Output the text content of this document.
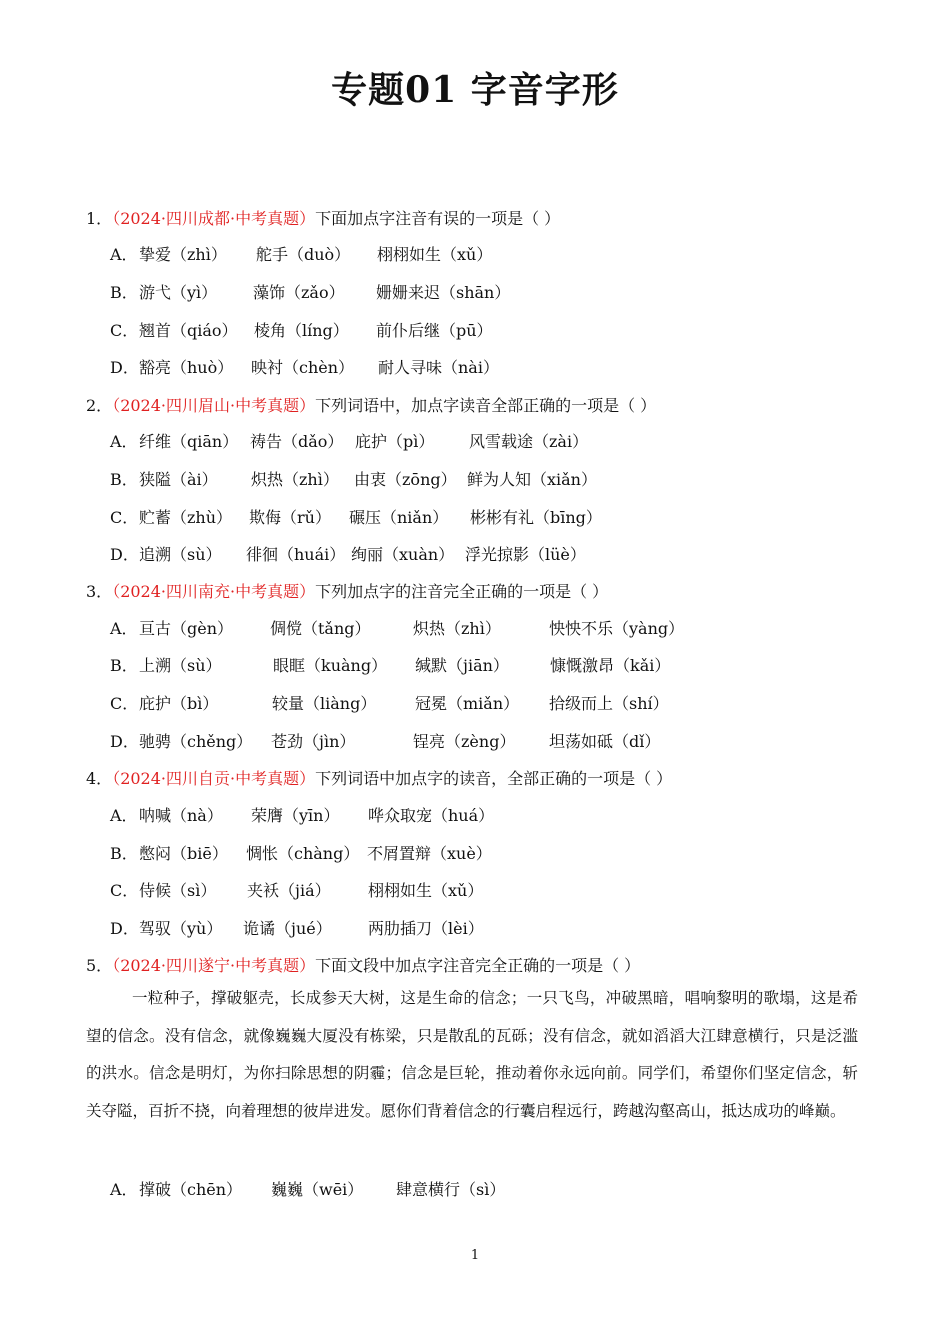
专题01 字音字形
1．（2024·四川成都·中考真题）下面加点字注音有误的一项是（ ）
A． 挚爱（zhì） 舵手（duò） 栩栩如生（xǔ）
B． 游弋（yì） 藻饰（zǎo） 姗姗来迟（shān）
C． 翘首（qiáo） 棱角（líng） 前仆后继（pū）
D． 豁亮（huò） 映衬（chèn） 耐人寻味（nài）
2．（2024·四川眉山·中考真题）下列词语中，加点字读音全部正确的一项是（ ）
A． 纤维（qiān） 祷告（dǎo） 庇护（pì） 风雪载途（zài）
B． 狭隘（ài） 炽热（zhì） 由衷（zōng） 鲜为人知（xiǎn）
C． 贮蓄（zhù） 欺侮（rǔ） 碾压（niǎn） 彬彬有礼（bīng）
D． 追溯（sù） 徘徊（huái） 绚丽（xuàn） 浮光掠影（lüè）
3．（2024·四川南充·中考真题）下列加点字的注音完全正确的一项是（ ）
A． 亘古（gèn） 倜傥（tǎng）	炽热（zhì）	怏怏不乐（yàng）
B． 上溯（sù）	眼眶（kuàng） 缄默（jiān）	慷慨激昂（kǎi）
C． 庇护（bì）	较量（liàng） 冠冕（miǎn） 拾级而上（shí）
D． 驰骋（chěng） 苍劲（jìn）	锃亮（zèng） 坦荡如砥（dǐ）
4．（2024·四川自贡·中考真题）下列词语中加点字的读音，全部正确的一项是（ ）
A． 呐喊（nà） 荣膺（yīn） 哗众取宠（huá）
B． 憋闷（biē） 惆怅（chàng） 不屑置辩（xuè）
C． 侍候（sì） 夹袄（jiá） 栩栩如生（xǔ）
D． 驾驭（yù） 诡谲（jué） 两肋插刀（lèi）
5．（2024·四川遂宁·中考真题）下面文段中加点字注音完全正确的一项是（ ）
一粒种子，撑破躯壳，长成参天大树，这是生命的信念；一只飞鸟，冲破黑暗，唱响黎明的歌塌，这是希望的信念。没有信念，就像巍巍大厦没有栋梁，只是散乱的瓦砾；没有信念，就如滔滔大江肆意横行，只是泛滥的洪水。信念是明灯，为你扫除思想的阴霾；信念是巨轮，推动着你永远向前。同学们，希望你们坚定信念，斩关夺隘，百折不挠，向着理想的彼岸进发。愿你们背着信念的行囊启程远行，跨越沟壑高山，抵达成功的峰巅。
A． 撑破（chēn） 巍巍（wēi） 肆意横行（sì）
1
